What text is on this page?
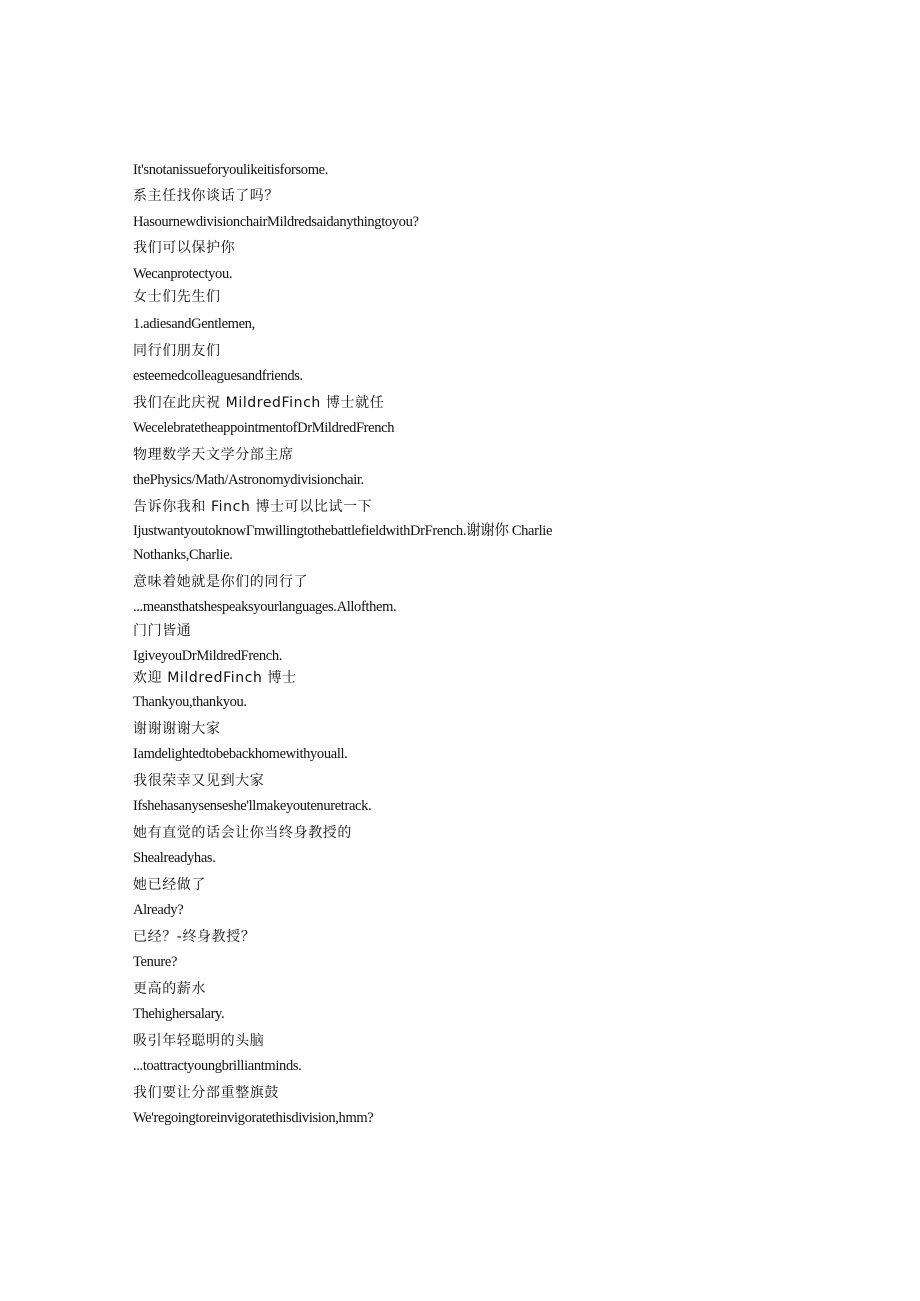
It'snotanissueforyoulikeitisforsome.
系主任找你谈话了吗？
HasournewdivisionchairMildredsaidanythingtoyou?
我们可以保护你
Wecanprotectyou.
女士们先生们
1.adiesandGentlemen,
同行们朋友们
esteemedcolleaguesandfriends.
我们在此庆祝 MildredFinch 博士就任
WecelebratetheappointmentofDrMildredFrench
物理数学天文学分部主席
thePhysics/Math/Astronomydivisionchair.
告诉你我和 Finch 博士可以比试一下
IjustwantyoutoknowΓmwillingtothebattlefieldwithDrFrench.谢谢你 Charlie
Nothanks,Charlie.
意味着她就是你们的同行了
...meansthatshespeaksyourlanguages.Allofthem.
门门皆通
IgiveyouDrMildredFrench.
欢迎 MildredFinch 博士
Thankyou,thankyou.
谢谢谢谢大家
Iamdelightedtobebackhomewithyouall.
我很荣幸又见到大家
Ifshehasanysenseshe'llmakeyoutenuretrack.
她有直觉的话会让你当终身教授的
Shealreadyhas.
她已经做了
Already?
已经？-终身教授？
Tenure?
更高的薪水
Thehighersalary.
吸引年轻聪明的头脑
...toattractyoungbrilliantminds.
我们要让分部重整旗鼓
We'regoingtoreinvigoratethisdivision,hmm?
